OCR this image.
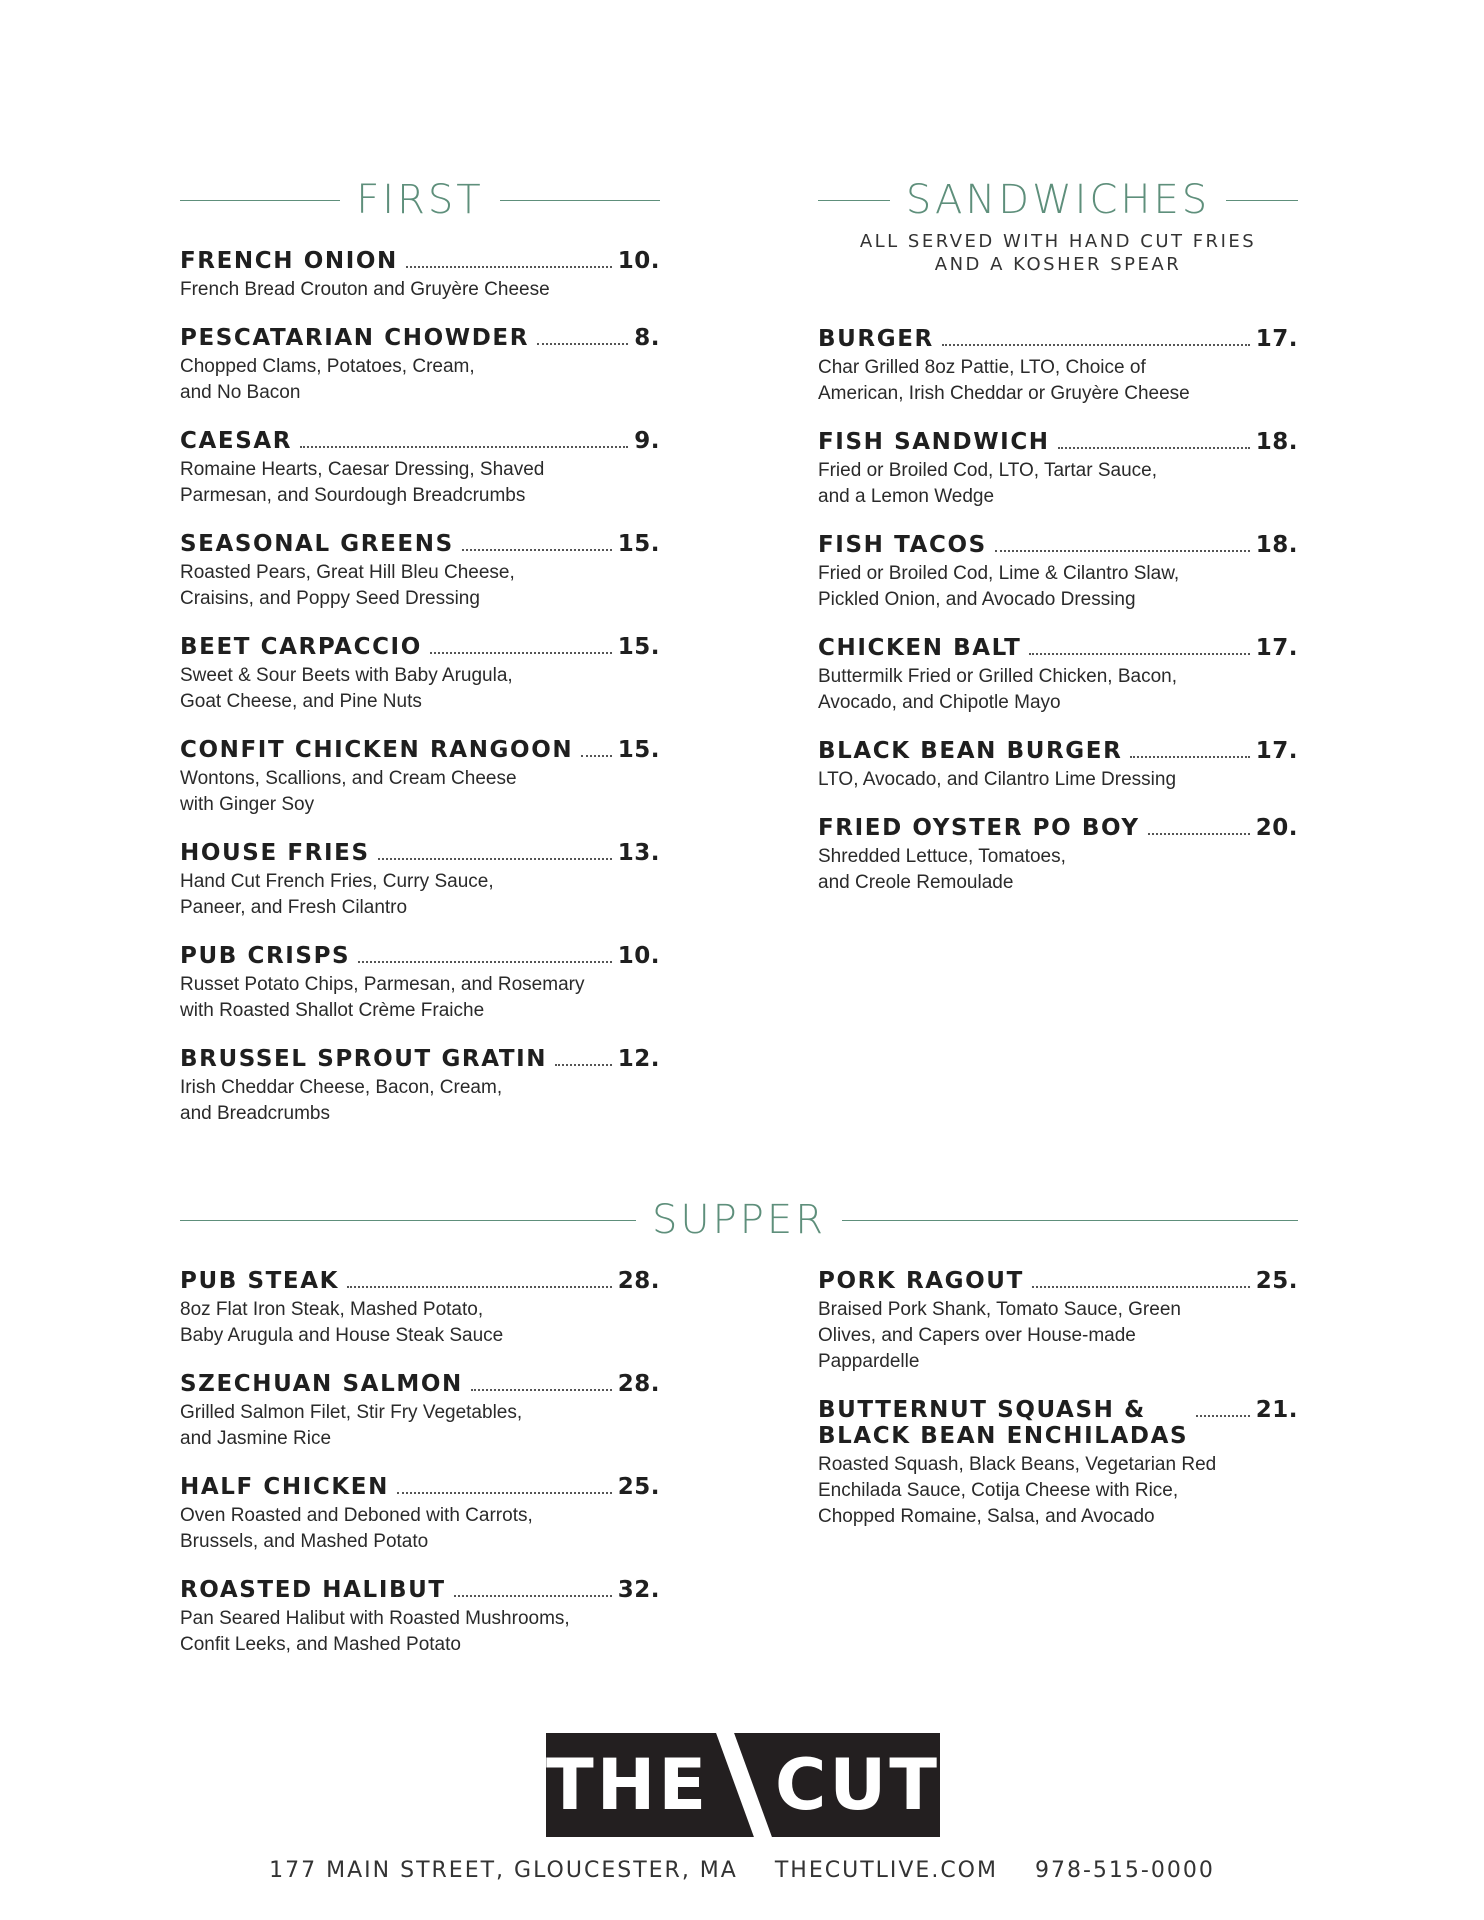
FIRST	SANDWICHES
ALL SERVED WITH HAND CUT FRIES
AND A KOSHER SPEAR
FRENCH ONION	10.
French Bread Crouton and Gruyère Cheese
PESCATARIAN CHOWDER	8.
Chopped Clams, Potatoes, Cream,
and No Bacon
CAESAR	9.
Romaine Hearts, Caesar Dressing, Shaved
Parmesan, and Sourdough Breadcrumbs
SEASONAL GREENS	15.
Roasted Pears, Great Hill Bleu Cheese,
Craisins, and Poppy Seed Dressing
BEET CARPACCIO	15.
Sweet & Sour Beets with Baby Arugula,
Goat Cheese, and Pine Nuts
CONFIT CHICKEN RANGOON 15.
Wontons, Scallions, and Cream Cheese
with Ginger Soy
HOUSE FRIES	13.
Hand Cut French Fries, Curry Sauce,
Paneer, and Fresh Cilantro
PUB CRISPS	10.
Russet Potato Chips, Parmesan, and Rosemary
with Roasted Shallot Crème Fraiche
BRUSSEL SPROUT GRATIN	12.
Irish Cheddar Cheese, Bacon, Cream,
and Breadcrumbs
BURGER	17.
Char Grilled 8oz Pattie, LTO, Choice of
American, Irish Cheddar or Gruyère Cheese
FISH SANDWICH	18.
Fried or Broiled Cod, LTO, Tartar Sauce,
and a Lemon Wedge
FISH TACOS	18.
Fried or Broiled Cod, Lime & Cilantro Slaw,
Pickled Onion, and Avocado Dressing
CHICKEN BALT	17.
Buttermilk Fried or Grilled Chicken, Bacon,
Avocado, and Chipotle Mayo
BLACK BEAN BURGER	17.
LTO, Avocado, and Cilantro Lime Dressing
FRIED OYSTER PO BOY	20.
Shredded Lettuce, Tomatoes,
and Creole Remoulade
SUPPER
PUB STEAK	28.
8oz Flat Iron Steak, Mashed Potato,
Baby Arugula and House Steak Sauce
SZECHUAN SALMON	28.
Grilled Salmon Filet, Stir Fry Vegetables,
and Jasmine Rice
HALF CHICKEN	25.
Oven Roasted and Deboned with Carrots,
Brussels, and Mashed Potato
ROASTED HALIBUT	32.
Pan Seared Halibut with Roasted Mushrooms,
Confit Leeks, and Mashed Potato
PORK RAGOUT	25.
Braised Pork Shank, Tomato Sauce, Green
Olives, and Capers over House-made
Pappardelle
BUTTERNUT SQUASH &
BLACK BEAN ENCHILADAS
21.
Roasted Squash, Black Beans, Vegetarian Red
Enchilada Sauce, Cotija Cheese with Rice,
Chopped Romaine, Salsa, and Avocado
THE CUT
177 MAIN STREET, GLOUCESTER, MA THECUTLIVE.COM 978-515-0000
